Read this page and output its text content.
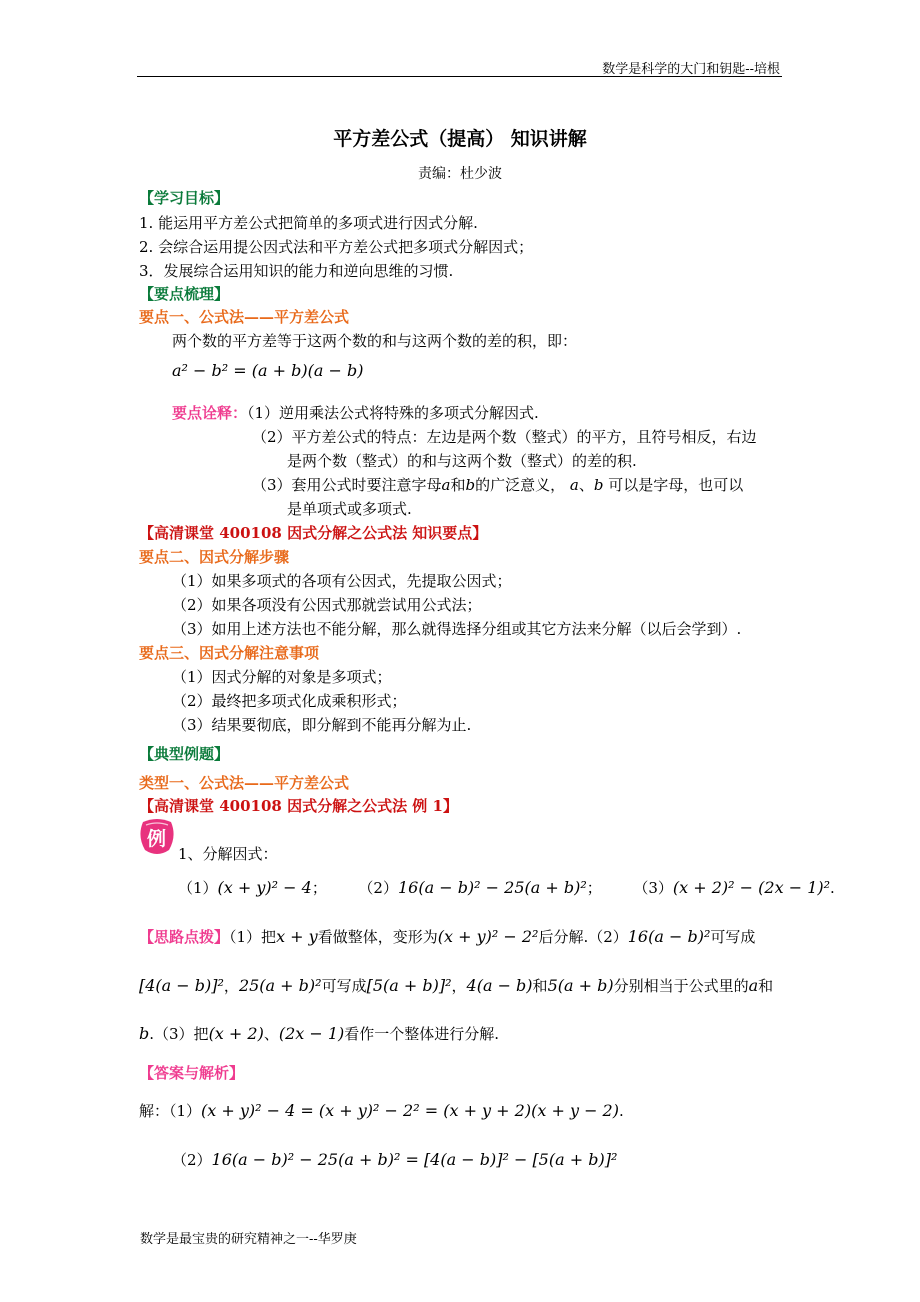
数学是科学的大门和钥匙--培根
平方差公式（提高） 知识讲解
责编：杜少波
【学习目标】
1. 能运用平方差公式把简单的多项式进行因式分解.
2. 会综合运用提公因式法和平方差公式把多项式分解因式；
3．发展综合运用知识的能力和逆向思维的习惯.
【要点梳理】
要点一、公式法——平方差公式
两个数的平方差等于这两个数的和与这两个数的差的积，即：
a² − b² = (a + b)(a − b)
要点诠释：（1）逆用乘法公式将特殊的多项式分解因式.
（2）平方差公式的特点：左边是两个数（整式）的平方，且符号相反，右边
是两个数（整式）的和与这两个数（整式）的差的积.
（3）套用公式时要注意字母a和b的广泛意义， a、b 可以是字母，也可以
是单项式或多项式.
【高清课堂 400108 因式分解之公式法 知识要点】
要点二、因式分解步骤
（1）如果多项式的各项有公因式，先提取公因式；
（2）如果各项没有公因式那就尝试用公式法；
（3）如用上述方法也不能分解，那么就得选择分组或其它方法来分解（以后会学到）.
要点三、因式分解注意事项
（1）因式分解的对象是多项式；
（2）最终把多项式化成乘积形式；
（3）结果要彻底，即分解到不能再分解为止.
【典型例题】
类型一、公式法——平方差公式
【高清课堂 400108 因式分解之公式法 例 1】
例
1、分解因式：
（1）(x + y)² − 4； （2）16(a − b)² − 25(a + b)²； （3）(x + 2)² − (2x − 1)².
【思路点拨】（1）把x + y看做整体，变形为(x + y)² − 2²后分解.（2）16(a − b)²可写成
[4(a − b)]²，25(a + b)²可写成[5(a + b)]²，4(a − b)和5(a + b)分别相当于公式里的a和
b.（3）把(x + 2)、(2x − 1)看作一个整体进行分解.
【答案与解析】
解：（1）(x + y)² − 4 = (x + y)² − 2² = (x + y + 2)(x + y − 2).
（2）16(a − b)² − 25(a + b)² = [4(a − b)]² − [5(a + b)]²
数学是最宝贵的研究精神之一--华罗庚
